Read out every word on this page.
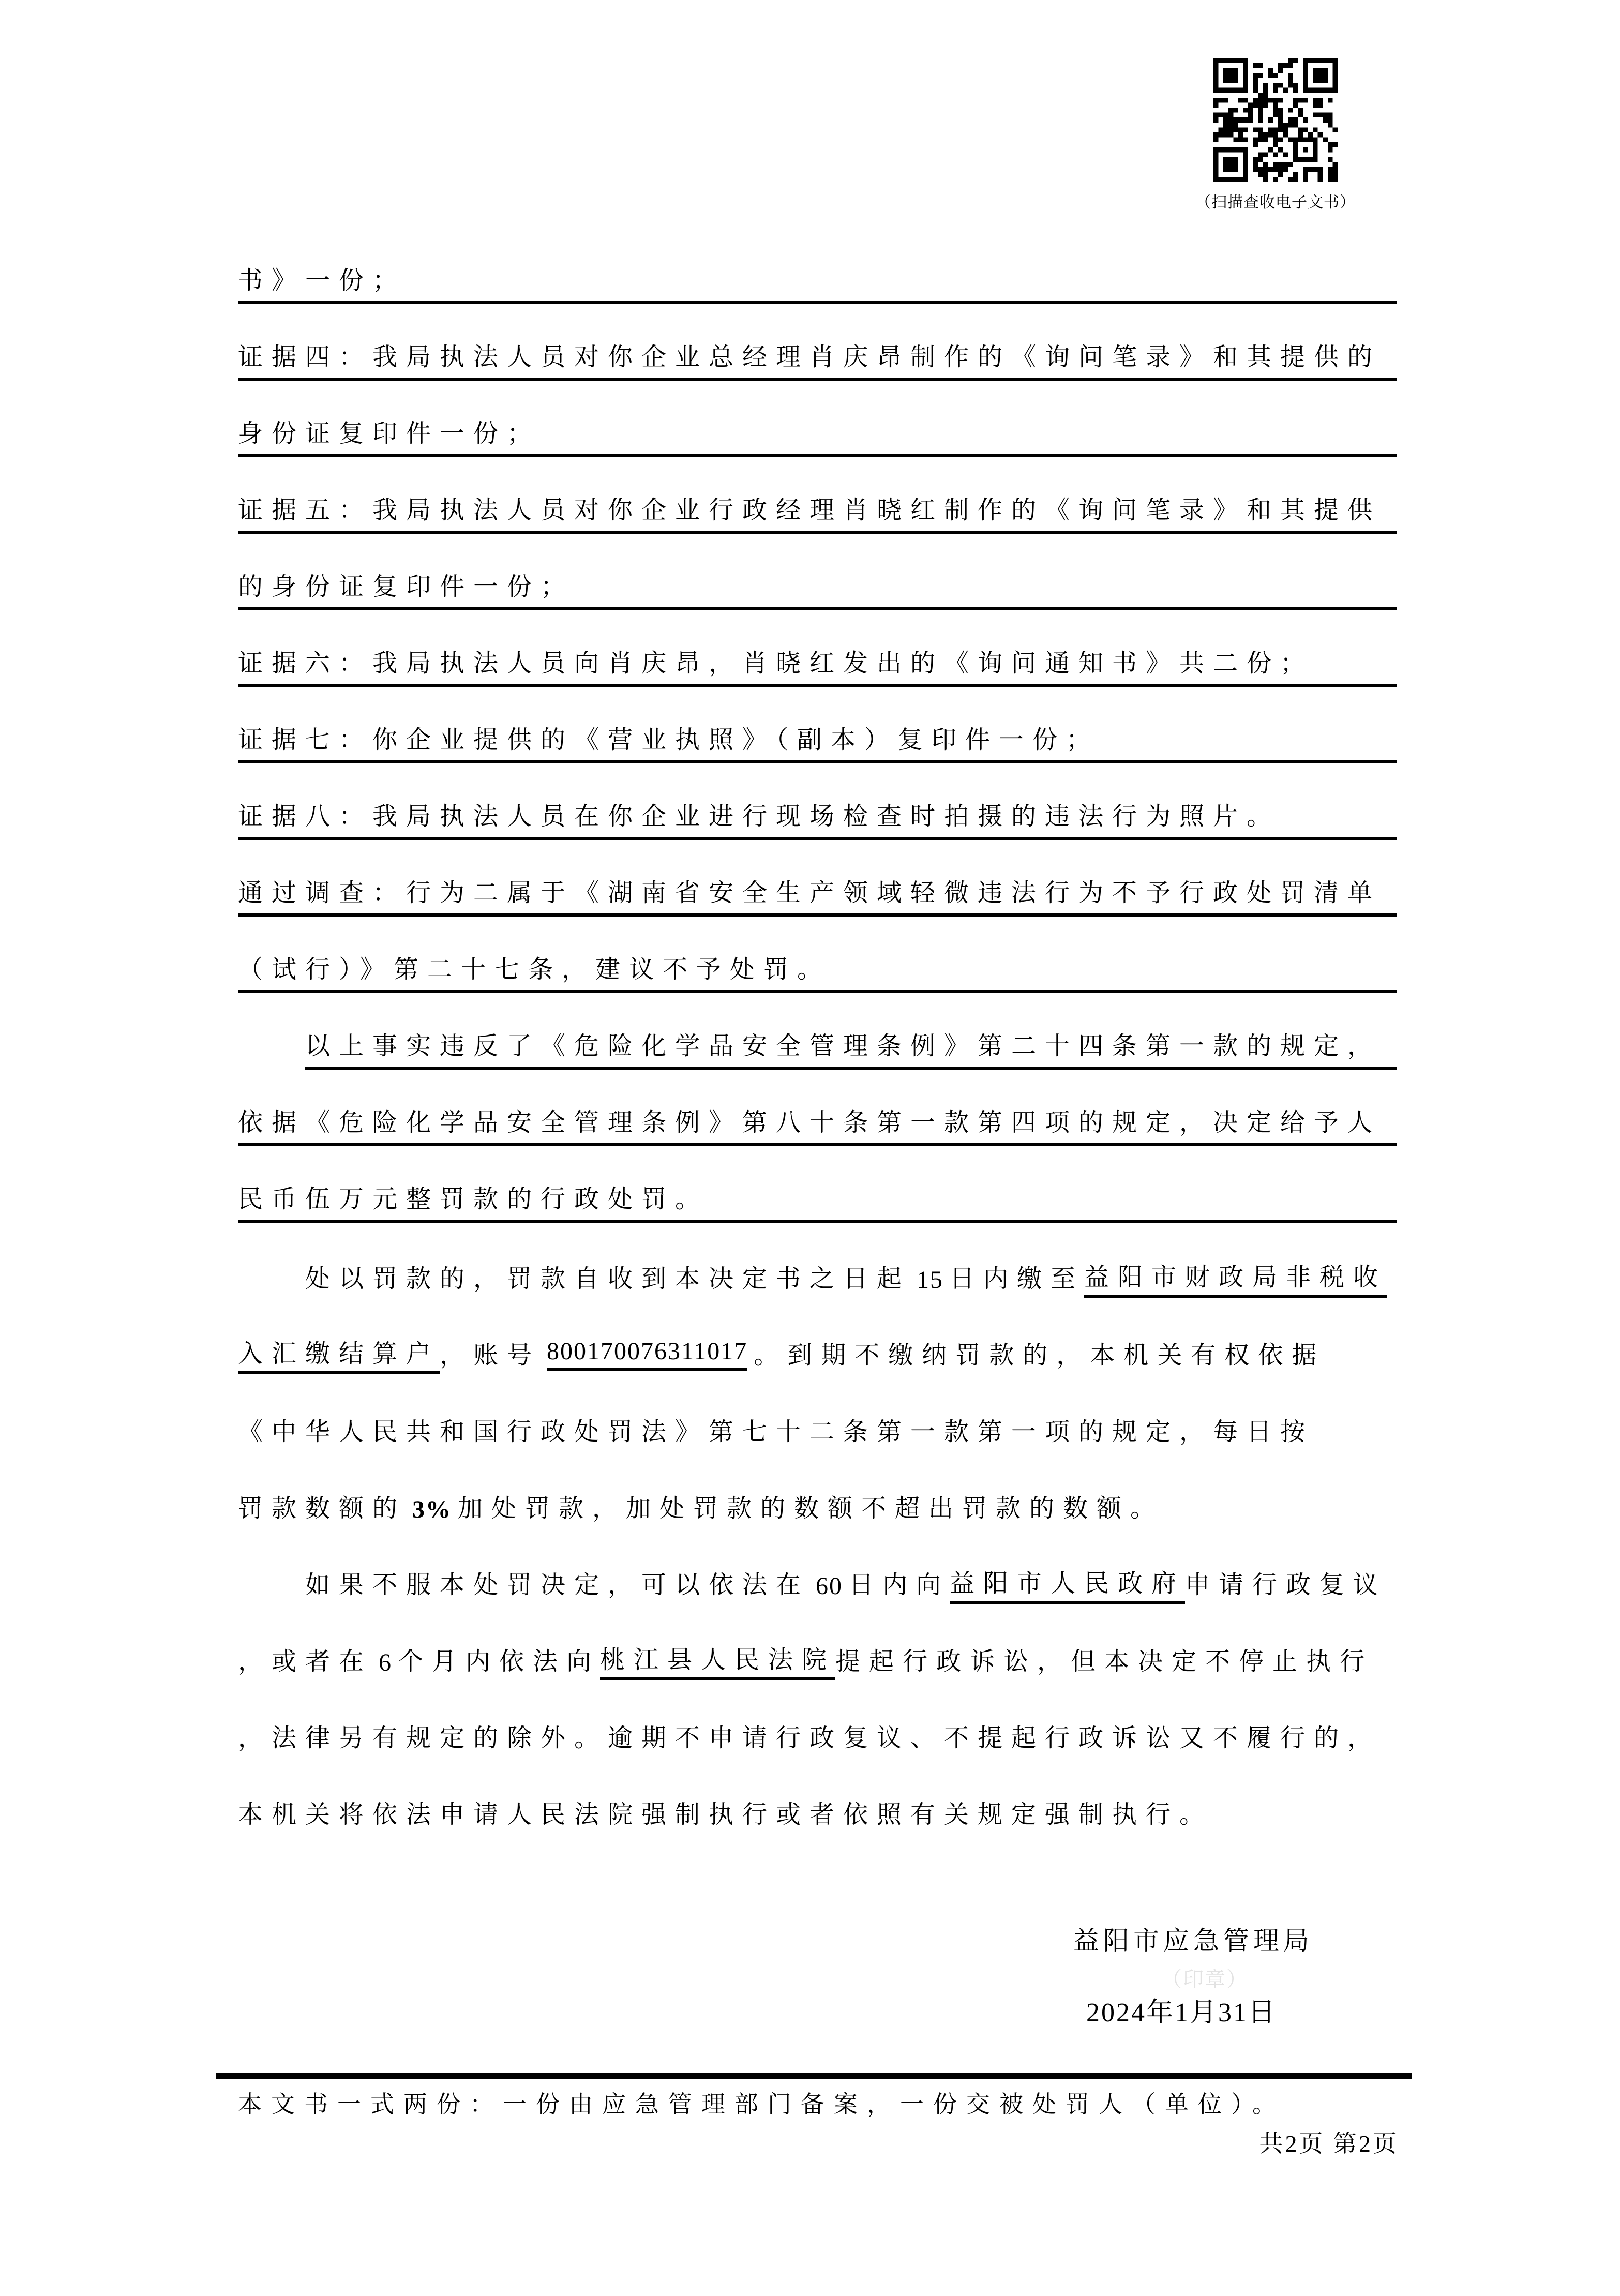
（扫描查收电子文书）
书》一份；
证据四：我局执法人员对你企业总经理肖庆昂制作的《询问笔录》和其提供的
身份证复印件一份；
证据五：我局执法人员对你企业行政经理肖晓红制作的《询问笔录》和其提供
的身份证复印件一份；
证据六：我局执法人员向肖庆昂，肖晓红发出的《询问通知书》共二份；
证据七：你企业提供的《营业执照》（副本）复印件一份；
证据八：我局执法人员在你企业进行现场检查时拍摄的违法行为照片。
通过调查：行为二属于《湖南省安全生产领域轻微违法行为不予行政处罚清单
（试行）》第二十七条，建议不予处罚。
以上事实违反了《危险化学品安全管理条例》第二十四条第一款的规定，
依据《危险化学品安全管理条例》第八十条第一款第四项的规定，决定给予人
民币伍万元整罚款的行政处罚。
处以罚款的，罚款自收到本决定书之日起 15 日内缴至 益阳市财政局非税收
入汇缴结算户 ，账号 800170076311017 。到期不缴纳罚款的，本机关有权依据
《中华人民共和国行政处罚法》第七十二条第一款第一项的规定，每日按
罚款数额的 3% 加处罚款，加处罚款的数额不超出罚款的数额。
如果不服本处罚决定，可以依法在 60 日内向 益阳市人民政府 申请行政复议
，或者在 6 个月内依法向 桃江县人民法院 提起行政诉讼，但本决定不停止执行
，法律另有规定的除外。逾期不申请行政复议、不提起行政诉讼又不履行的，
本机关将依法申请人民法院强制执行或者依照有关规定强制执行。
益阳市应急管理局
（印章）
2024年1月31日
本文书一式两份：一份由应急管理部门备案，一份交被处罚人（单位）。
共2页 第2页
